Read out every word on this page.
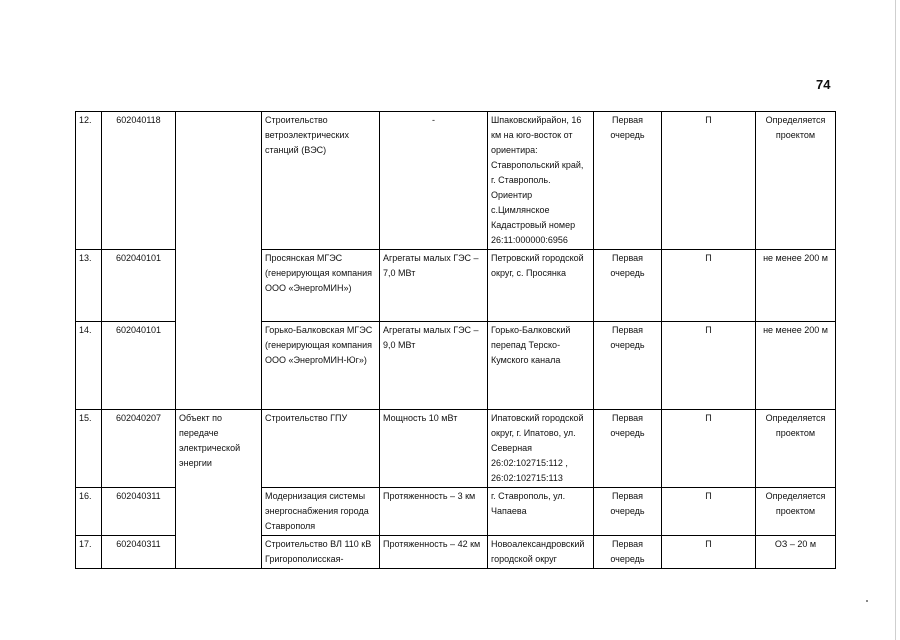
74
12.	602040118		Строительство ветроэлектрических станций (ВЭС)	-	Шпаковскийрайон, 16 км на юго-восток от ориентира: Ставропольский край, г. Ставрополь. Ориентир с.Цимлянское Кадастровый номер 26:11:000000:6956	Первая очередь	П	Определяется проектом
13.	602040101		Просянская МГЭС (генерирующая компания ООО «ЭнергоМИН»)	Агрегаты малых ГЭС – 7,0 МВт	Петровский городской округ, с. Просянка	Первая очередь	П	не менее 200 м
14.	602040101		Горько-Балковская МГЭС (генерирующая компания ООО «ЭнергоМИН-Юг»)	Агрегаты малых ГЭС – 9,0 МВт	Горько-Балковский перепад Терско-Кумского канала	Первая очередь	П	не менее 200 м
15.	602040207	Объект по передаче электрической энергии	Строительство ГПУ	Мощность 10 мВт	Ипатовский городской округ, г. Ипатово, ул. Северная 26:02:102715:112 , 26:02:102715:113	Первая очередь	П	Определяется проектом
16.	602040311		Модернизация системы энергоснабжения города Ставрополя	Протяженность – 3 км	г. Ставрополь, ул. Чапаева	Первая очередь	П	Определяется проектом
17.	602040311		Строительство ВЛ 110 кВ Григорополисская-	Протяженность – 42 км	Новоалександровский городской округ	Первая очередь	П	ОЗ – 20 м
